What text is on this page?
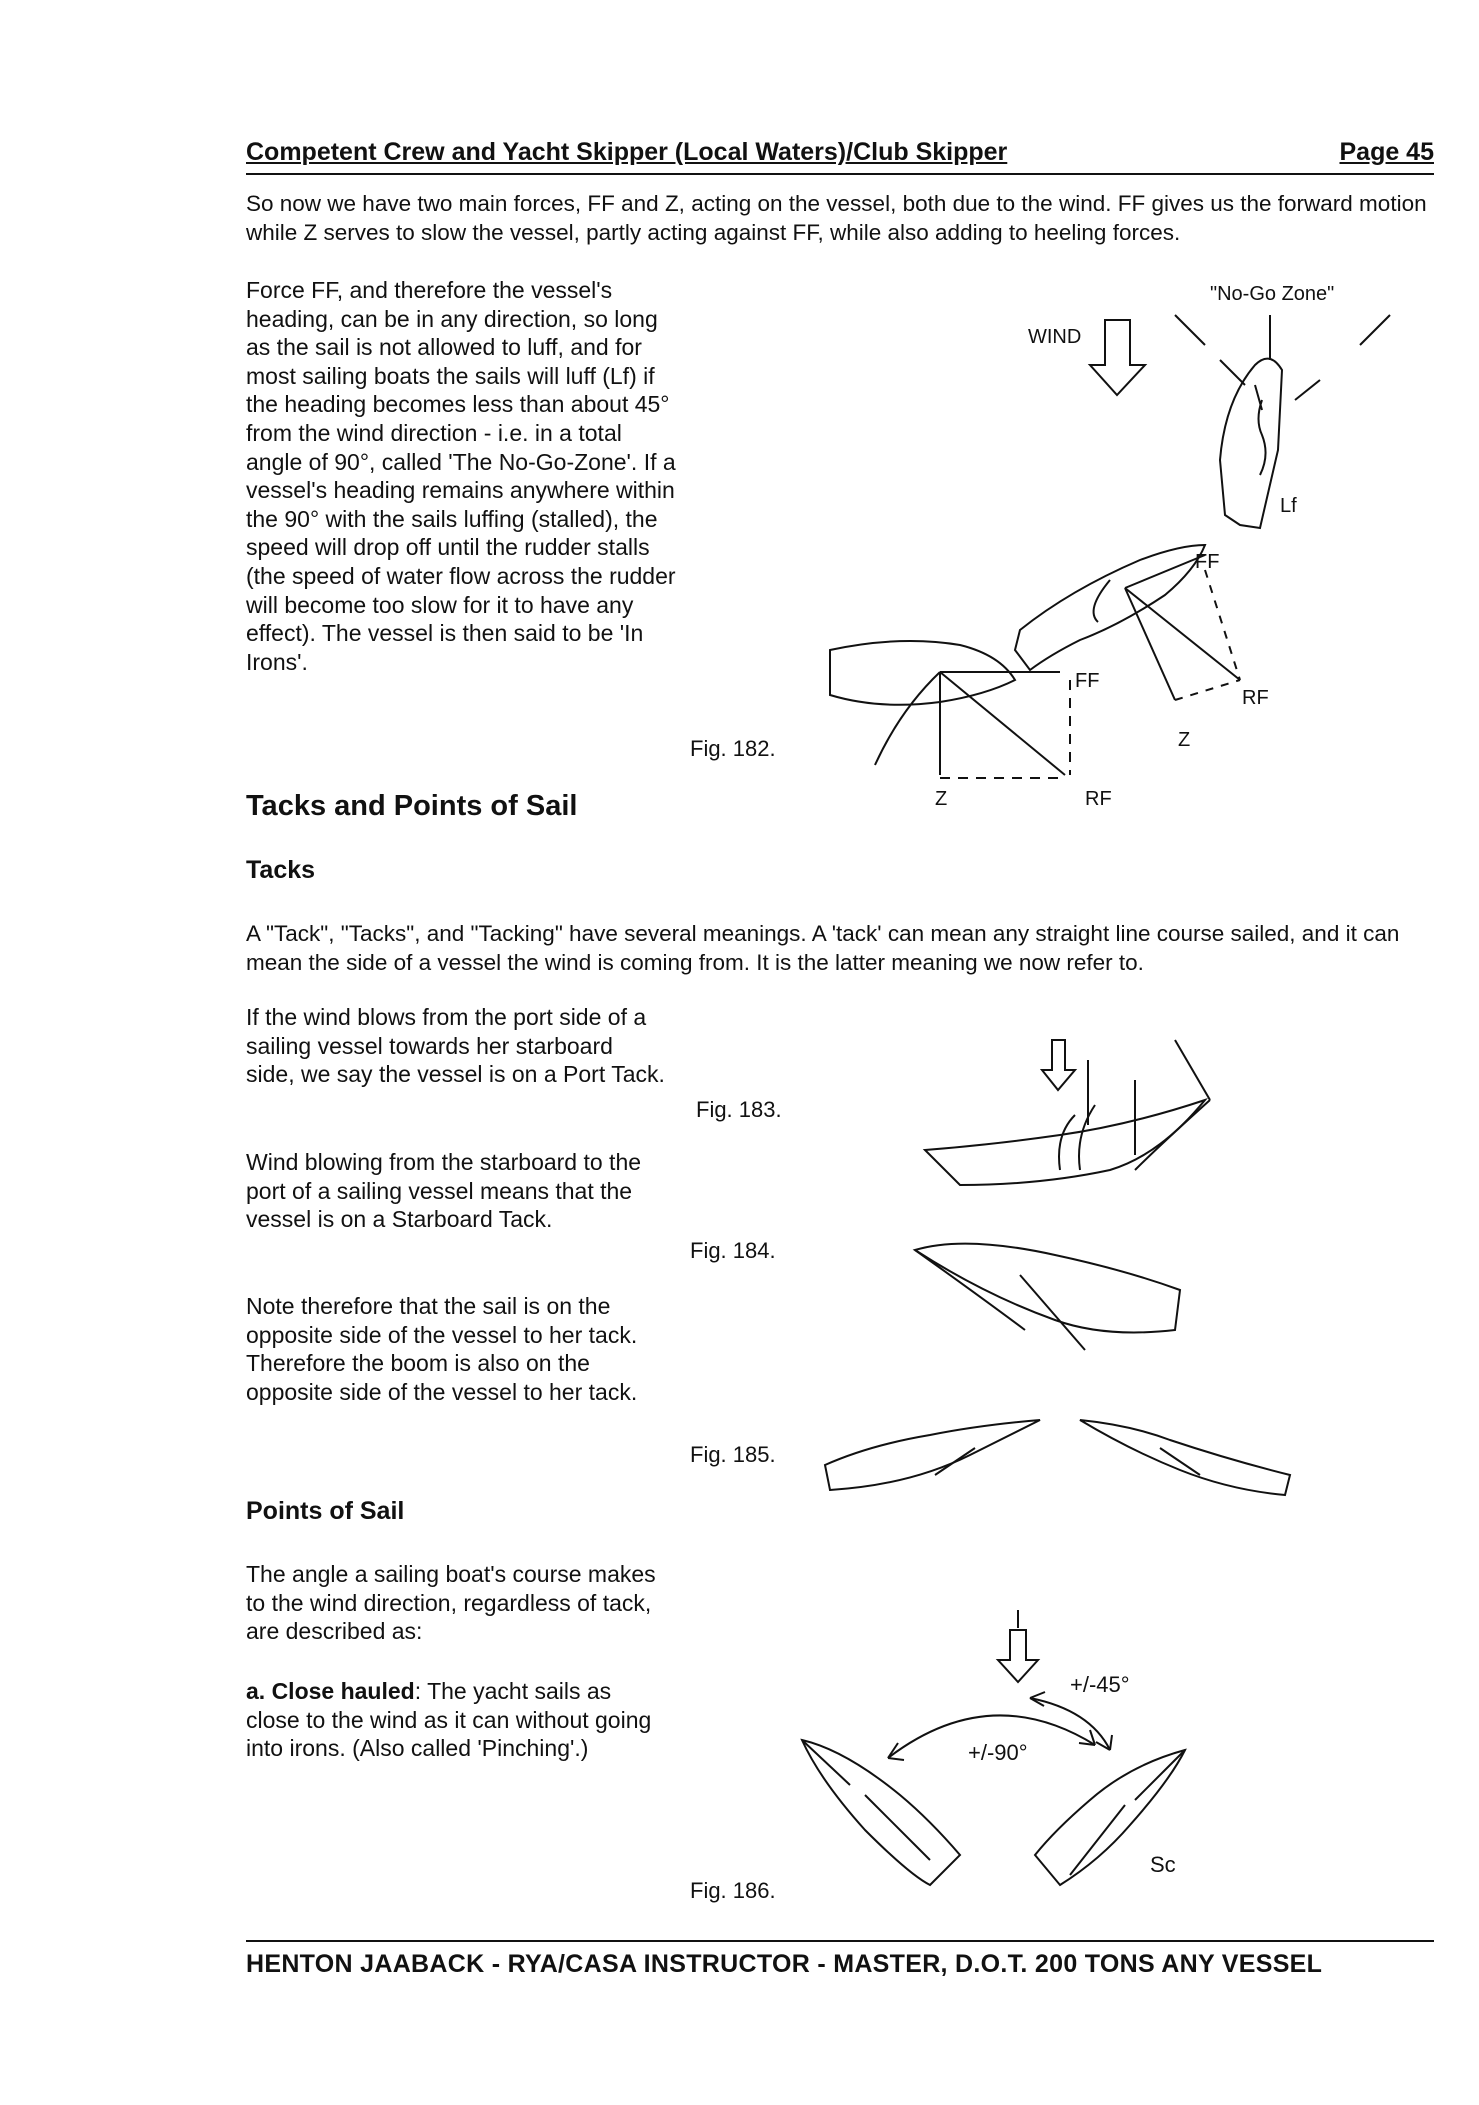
Competent Crew and Yacht Skipper (Local Waters)/Club Skipper	Page 45
So now we have two main forces, FF and Z, acting on the vessel, both due to the wind. FF gives us the forward motion while Z serves to slow the vessel, partly acting against FF, while also adding to heeling forces.
Force FF, and therefore the vessel's heading, can be in any direction, so long as the sail is not allowed to luff, and for most sailing boats the sails will luff (Lf) if the heading becomes less than about 45° from the wind direction - i.e. in a total angle of 90°, called 'The No-Go-Zone'. If a vessel's heading remains anywhere within the 90° with the sails luffing (stalled), the speed will drop off until the rudder stalls (the speed of water flow across the rudder will become too slow for it to have any effect). The vessel is then said to be 'In Irons'.
Fig. 182.
"No-Go Zone"
WIND
Lf
FF
RF
Z
FF
Z	RF
Tacks and Points of Sail
Tacks
A "Tack", "Tacks", and "Tacking" have several meanings. A 'tack' can mean any straight line course sailed, and it can mean the side of a vessel the wind is coming from. It is the latter meaning we now refer to.
If the wind blows from the port side of a sailing vessel towards her starboard side, we say the vessel is on a Port Tack.
Fig. 183.
Wind blowing from the starboard to the port of a sailing vessel means that the vessel is on a Starboard Tack.
Fig. 184.
Note therefore that the sail is on the opposite side of the vessel to her tack. Therefore the boom is also on the opposite side of the vessel to her tack.
Fig. 185.
Points of Sail
The angle a sailing boat's course makes to the wind direction, regardless of tack, are described as:
a. Close hauled: The yacht sails as close to the wind as it can without going into irons. (Also called 'Pinching'.)
Fig. 186.
+/-45°
+/-90°
Sc
HENTON JAABACK - RYA/CASA INSTRUCTOR - MASTER, D.O.T. 200 TONS ANY VESSEL
